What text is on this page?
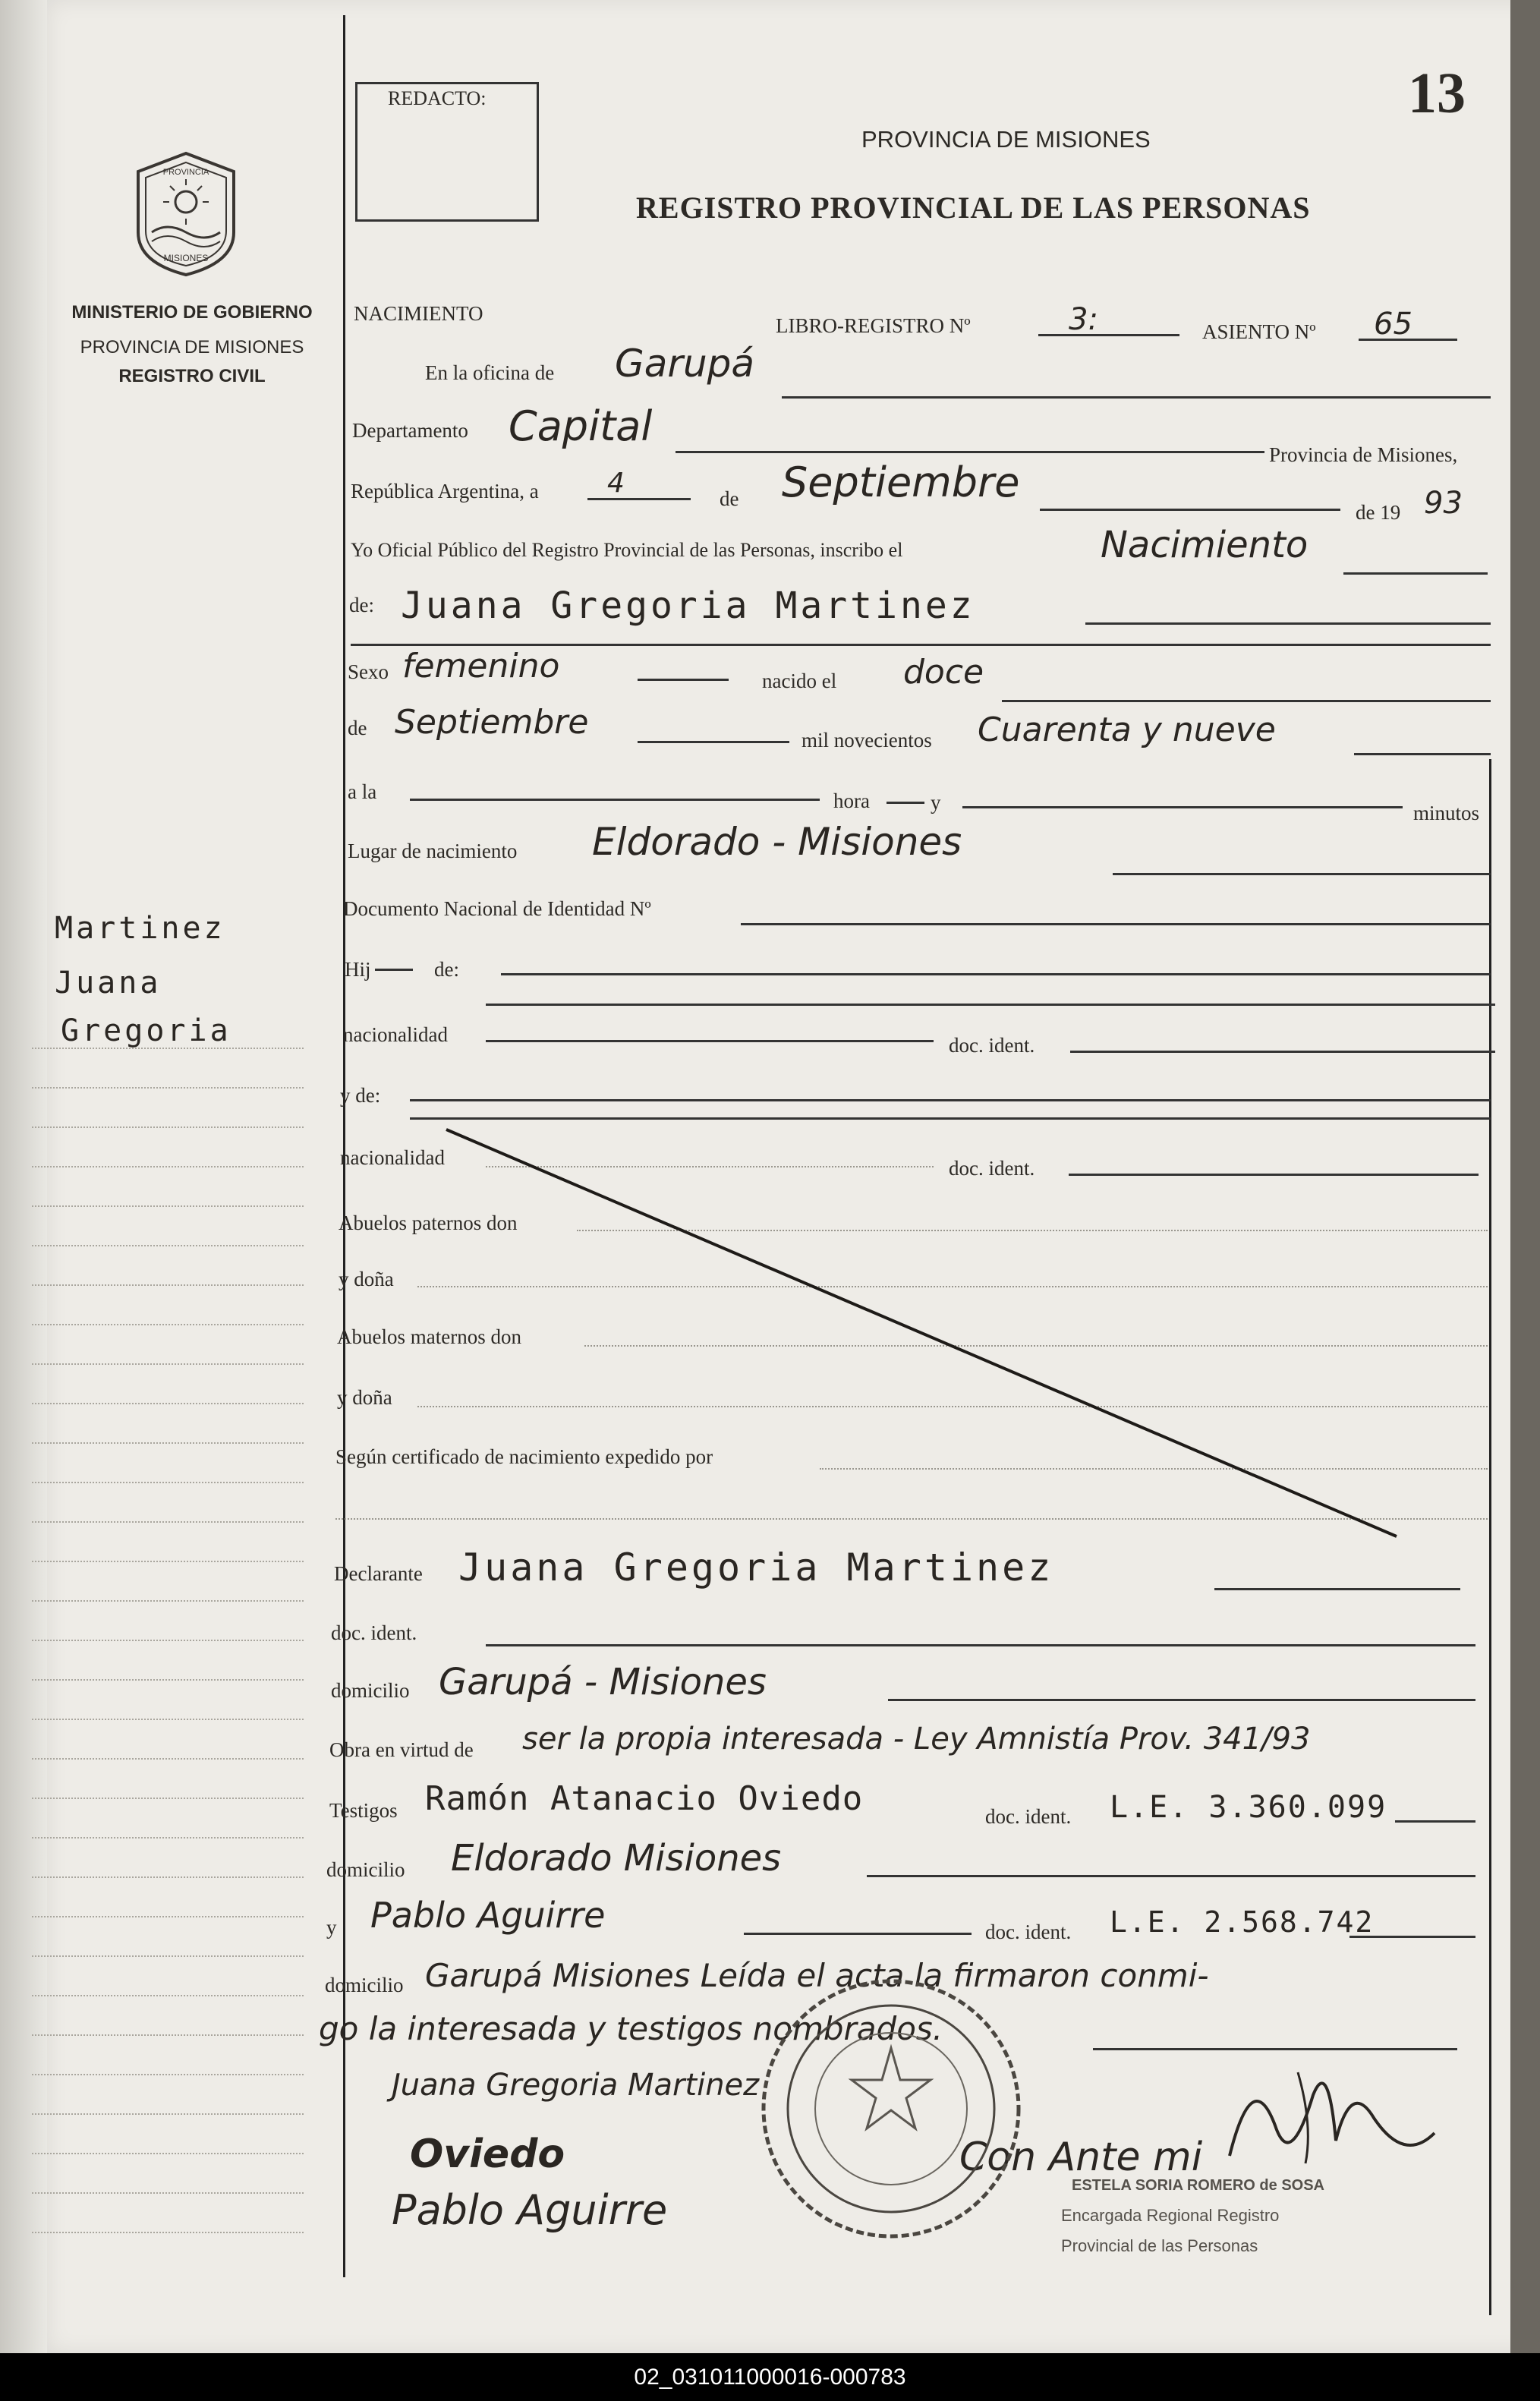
13
REDACTO:
PROVINCIA DE MISIONES
REGISTRO PROVINCIAL DE LAS PERSONAS
PROVINCIA
MISIONES
MINISTERIO DE GOBIERNO
PROVINCIA DE MISIONES
REGISTRO CIVIL
Martinez
Juana
Gregoria
NACIMIENTO
LIBRO-REGISTRO Nº	3:	ASIENTO Nº 65
En la oficina de Garupá
Departamento Capital
Provincia de Misiones,
República Argentina, a	4	de Septiembre
de 19 93
Yo Oficial Público del Registro Provincial de las Personas, inscribo el	Nacimiento
de: Juana Gregoria Martinez
Sexo femenino	nacido el doce
de Septiembre	mil novecientos Cuarenta y nueve
a la	hora	y	minutos
Lugar de nacimiento Eldorado - Misiones
Documento Nacional de Identidad Nº
Hij	de:
nacionalidad	doc. ident.
y de:
nacionalidad	doc. ident.
Abuelos paternos don
y doña
Abuelos maternos don
y doña
Según certificado de nacimiento expedido por
Declarante Juana Gregoria Martinez
doc. ident.
domicilio Garupá - Misiones
Obra en virtud de ser la propia interesada - Ley Amnistía Prov. 341/93
Testigos Ramón Atanacio Oviedo	doc. ident. L.E. 3.360.099
domicilio Eldorado Misiones
y Pablo Aguirre	doc. ident. L.E. 2.568.742
domicilio Garupá Misiones Leída el acta la firmaron conmi-
go la interesada y testigos nombrados.
Juana Gregoria Martinez
Oviedo
Pablo Aguirre
Con Ante mi
ESTELA SORIA ROMERO de SOSA
Encargada Regional Registro
Provincial de las Personas
02_031011000016-000783
